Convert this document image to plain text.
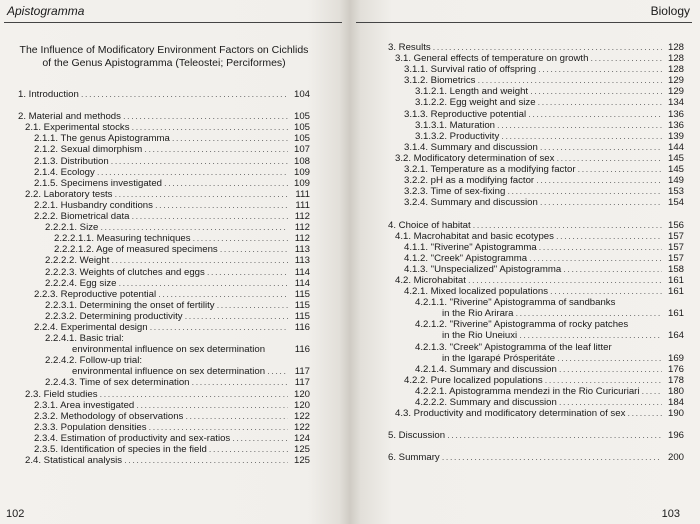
Apistogramma
The Influence of Modificatory Environment Factors on Cichlids of the Genus Apistogramma (Teleostei; Perciformes)
1. Introduction .....	104
2. Material and methods .....	105
2.1. Experimental stocks .....	105
2.1.1. The genus Apistogramma .....	105
2.1.2. Sexual dimorphism .....	107
2.1.3. Distribution .....	108
2.1.4. Ecology .....	109
2.1.5. Specimens investigated .....	109
2.2. Laboratory tests .....	111
2.2.1. Husbandry conditions .....	111
2.2.2. Biometrical data .....	112
2.2.2.1. Size .....	112
2.2.2.1.1. Measuring techniques .....	112
2.2.2.1.2. Age of measured specimens .....	113
2.2.2.2. Weight .....	113
2.2.2.3. Weights of clutches and eggs .....	114
2.2.2.4. Egg size .....	114
2.2.3. Reproductive potential .....	115
2.2.3.1. Determining the onset of fertility .....	115
2.2.3.2. Determining productivity .....	115
2.2.4. Experimental design .....	116
2.2.4.1. Basic trial:
environmental influence on sex determination	116
2.2.4.2. Follow-up trial:
environmental influence on sex determination .....	117
2.2.4.3. Time of sex determination .....	117
2.3. Field studies .....	120
2.3.1. Area investigated .....	120
2.3.2. Methodology of observations .....	122
2.3.3. Population densities .....	122
2.3.4. Estimation of productivity and sex-ratios .....	124
2.3.5. Identification of species in the field .....	125
2.4. Statistical analysis .....	125
102
Biology
3. Results .....	128
3.1. General effects of temperature on growth .....	128
3.1.1. Survival ratio of offspring .....	128
3.1.2. Biometrics .....	129
3.1.2.1. Length and weight .....	129
3.1.2.2. Egg weight and size .....	134
3.1.3. Reproductive potential .....	136
3.1.3.1. Maturation .....	136
3.1.3.2. Productivity .....	139
3.1.4. Summary and discussion .....	144
3.2. Modificatory determination of sex .....	145
3.2.1. Temperature as a modifying factor .....	145
3.2.2. pH as a modifying factor .....	149
3.2.3. Time of sex-fixing .....	153
3.2.4. Summary and discussion .....	154
4. Choice of habitat .....	156
4.1. Macrohabitat and basic ecotypes .....	157
4.1.1. "Riverine" Apistogramma .....	157
4.1.2. "Creek" Apistogramma .....	157
4.1.3. "Unspecialized" Apistogramma .....	158
4.2. Microhabitat .....	161
4.2.1. Mixed localized populations .....	161
4.2.1.1. "Riverine" Apistogramma of sandbanks
in the Rio Arirara .....	161
4.2.1.2. "Riverine" Apistogramma of rocky patches
in the Rio Uneiuxi .....	164
4.2.1.3. "Creek" Apistogramma of the leaf litter
in the Igarapé Prósperitáte .....	169
4.2.1.4. Summary and discussion .....	176
4.2.2. Pure localized populations .....	178
4.2.2.1. Apistogramma mendezi in the Rio Curicuriari .....	180
4.2.2.2. Summary and discussion .....	184
4.3. Productivity and modificatory determination of sex .....	190
5. Discussion .....	196
6. Summary .....	200
103
